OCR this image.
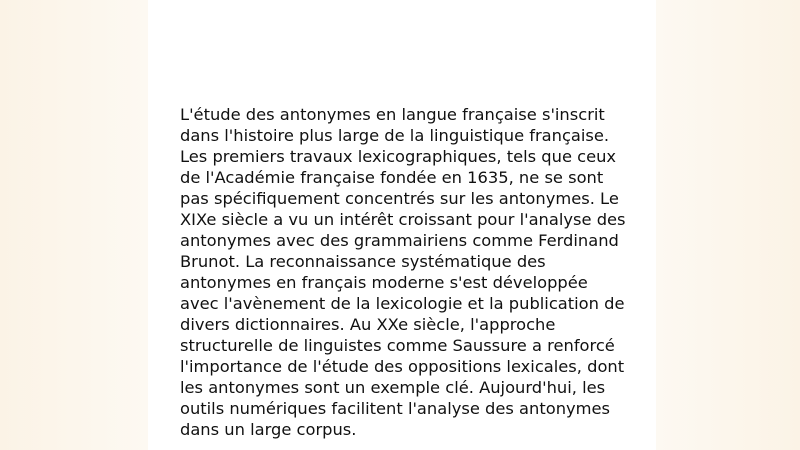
L'étude des antonymes en langue française s'inscrit
dans l'histoire plus large de la linguistique française.
Les premiers travaux lexicographiques, tels que ceux
de l'Académie française fondée en 1635, ne se sont
pas spécifiquement concentrés sur les antonymes. Le
XIXe siècle a vu un intérêt croissant pour l'analyse des
antonymes avec des grammairiens comme Ferdinand
Brunot. La reconnaissance systématique des
antonymes en français moderne s'est développée
avec l'avènement de la lexicologie et la publication de
divers dictionnaires. Au XXe siècle, l'approche
structurelle de linguistes comme Saussure a renforcé
l'importance de l'étude des oppositions lexicales, dont
les antonymes sont un exemple clé. Aujourd'hui, les
outils numériques facilitent l'analyse des antonymes
dans un large corpus.
